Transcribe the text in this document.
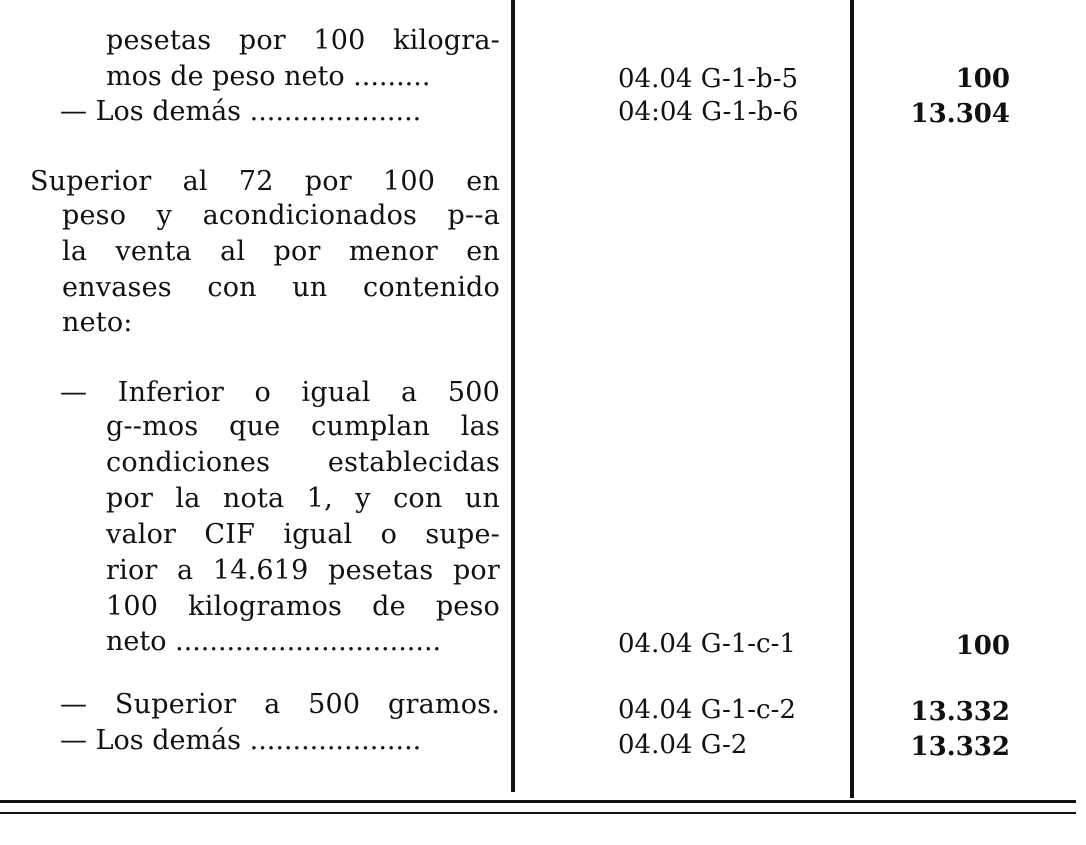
pesetas por 100 kilogra-
mos de peso neto .........	04.04 G-1-b-5	100
— Los demás ....................	04:04 G-1-b-6	13.304
Superior al 72 por 100 en
peso y acondicionados p--a
la venta al por menor en
envases con un contenido
neto:
— Inferior o igual a 500
g--mos que cumplan las
condiciones establecidas
por la nota 1, y con un
valor CIF igual o supe-
rior a 14.619 pesetas por
100 kilogramos de peso
neto ...............................	04.04 G-1-c-1	100
— Superior a 500 gramos.	04.04 G-1-c-2	13.332
— Los demás ....................	04.04 G-2	13.332
